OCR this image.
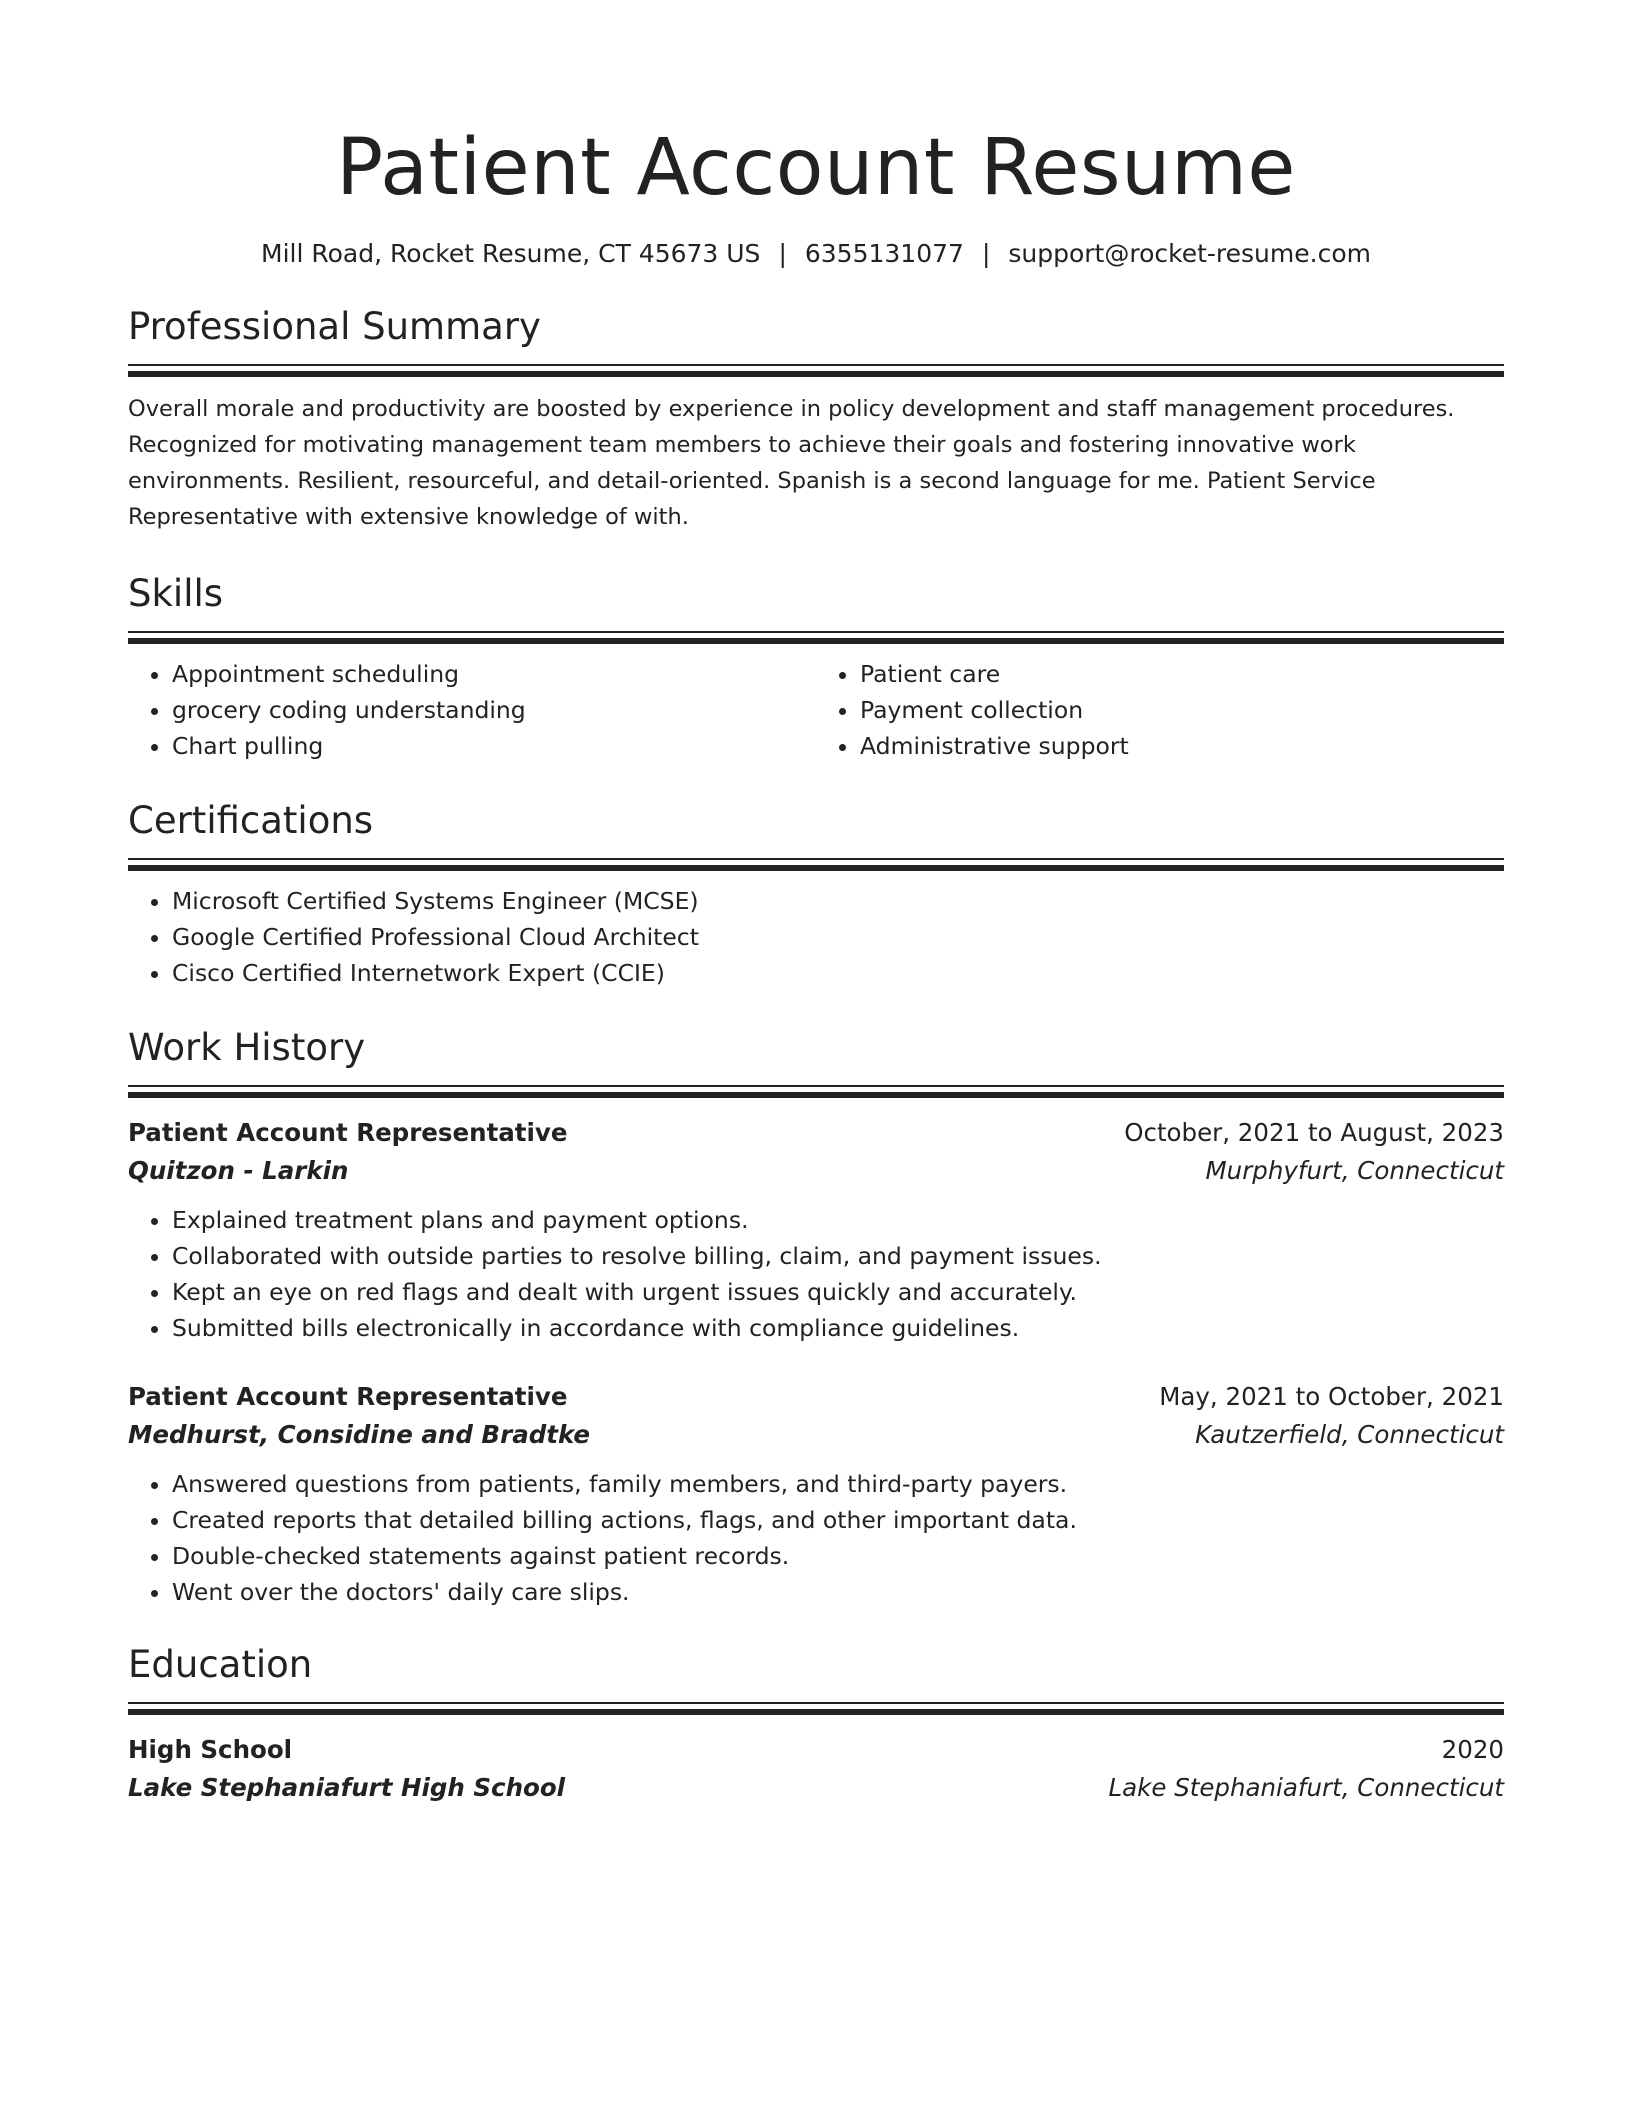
Patient Account Resume
Mill Road, Rocket Resume, CT 45673 US | 6355131077 | support@rocket-resume.com
Professional Summary
Overall morale and productivity are boosted by experience in policy development and staff management procedures. Recognized for motivating management team members to achieve their goals and fostering innovative work environments. Resilient, resourceful, and detail-oriented. Spanish is a second language for me. Patient Service Representative with extensive knowledge of with.
Skills
• Appointment scheduling
• grocery coding understanding
• Chart pulling
• Patient care
• Payment collection
• Administrative support
Certifications
• Microsoft Certified Systems Engineer (MCSE)
• Google Certified Professional Cloud Architect
• Cisco Certified Internetwork Expert (CCIE)
Work History
Patient Account Representative	October, 2021 to August, 2023
Quitzon - Larkin	Murphyfurt, Connecticut
• Explained treatment plans and payment options.
• Collaborated with outside parties to resolve billing, claim, and payment issues.
• Kept an eye on red flags and dealt with urgent issues quickly and accurately.
• Submitted bills electronically in accordance with compliance guidelines.
Patient Account Representative	May, 2021 to October, 2021
Medhurst, Considine and Bradtke	Kautzerfield, Connecticut
• Answered questions from patients, family members, and third-party payers.
• Created reports that detailed billing actions, flags, and other important data.
• Double-checked statements against patient records.
• Went over the doctors' daily care slips.
Education
High School	2020
Lake Stephaniafurt High School	Lake Stephaniafurt, Connecticut
